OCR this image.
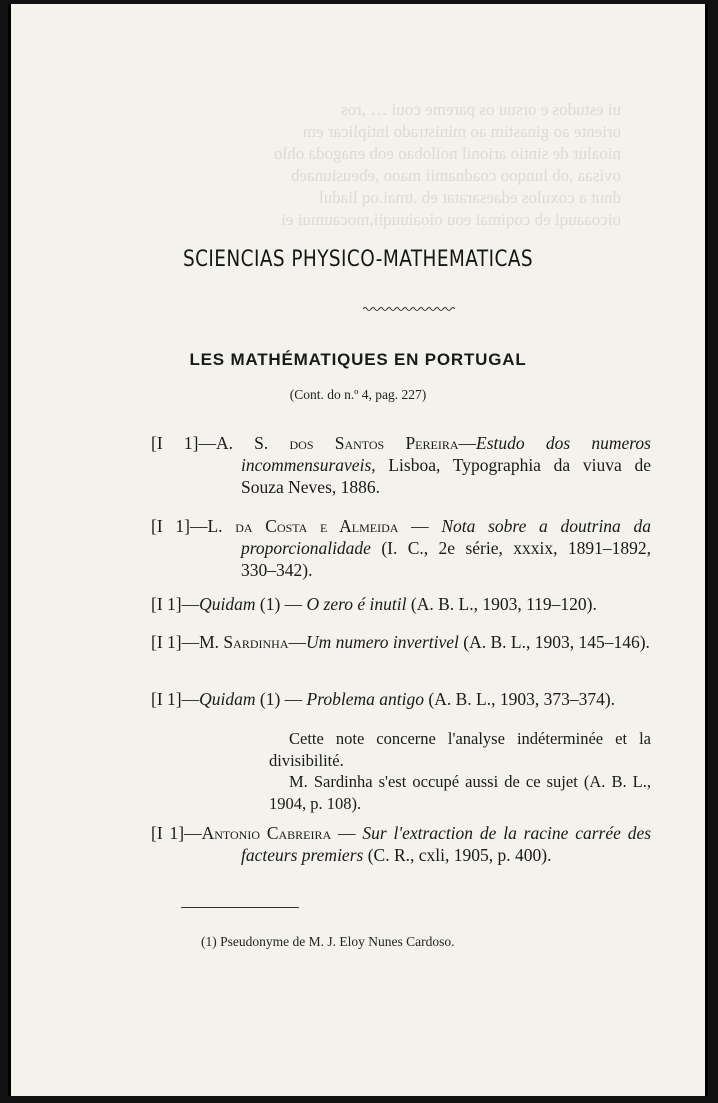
ui estudos e orsuu os pareme coui … ,ros
oriente ao ginastim ao ministrado intiplicar em
nioalur de sintio arionil noilobao eob enagoda ohlo
ovisaa ,ob lunqoo coadnamii maoo ,ebeusiunaeb
dnut a coxulos edaesaratat eb .tmai.oq liadul
oicoaauqi eb coqimai eou oioaiuuqii,mocaumui ei
SCIENCIAS PHYSICO-MATHEMATICAS
LES MATHÉMATIQUES EN PORTUGAL
(Cont. do n.º 4, pag. 227)
[I 1]—A. S. dos Santos Pereira—Estudo dos numeros incommensuraveis, Lisboa, Typographia da viuva de Souza Neves, 1886.
[I 1]—L. da Costa e Almeida — Nota sobre a doutrina da proporcionalidade (I. C., 2e série, xxxix, 1891–1892, 330–342).
[I 1]—Quidam (1) — O zero é inutil (A. B. L., 1903, 119–120).
[I 1]—M. Sardinha—Um numero invertivel (A. B. L., 1903, 145–146).
[I 1]—Quidam (1) — Problema antigo (A. B. L., 1903, 373–374).
Cette note concerne l'analyse indéterminée et la divisibilité.
M. Sardinha s'est occupé aussi de ce sujet (A. B. L., 1904, p. 108).
[I 1]—Antonio Cabreira — Sur l'extraction de la racine carrée des facteurs premiers (C. R., cxli, 1905, p. 400).
(1) Pseudonyme de M. J. Eloy Nunes Cardoso.
